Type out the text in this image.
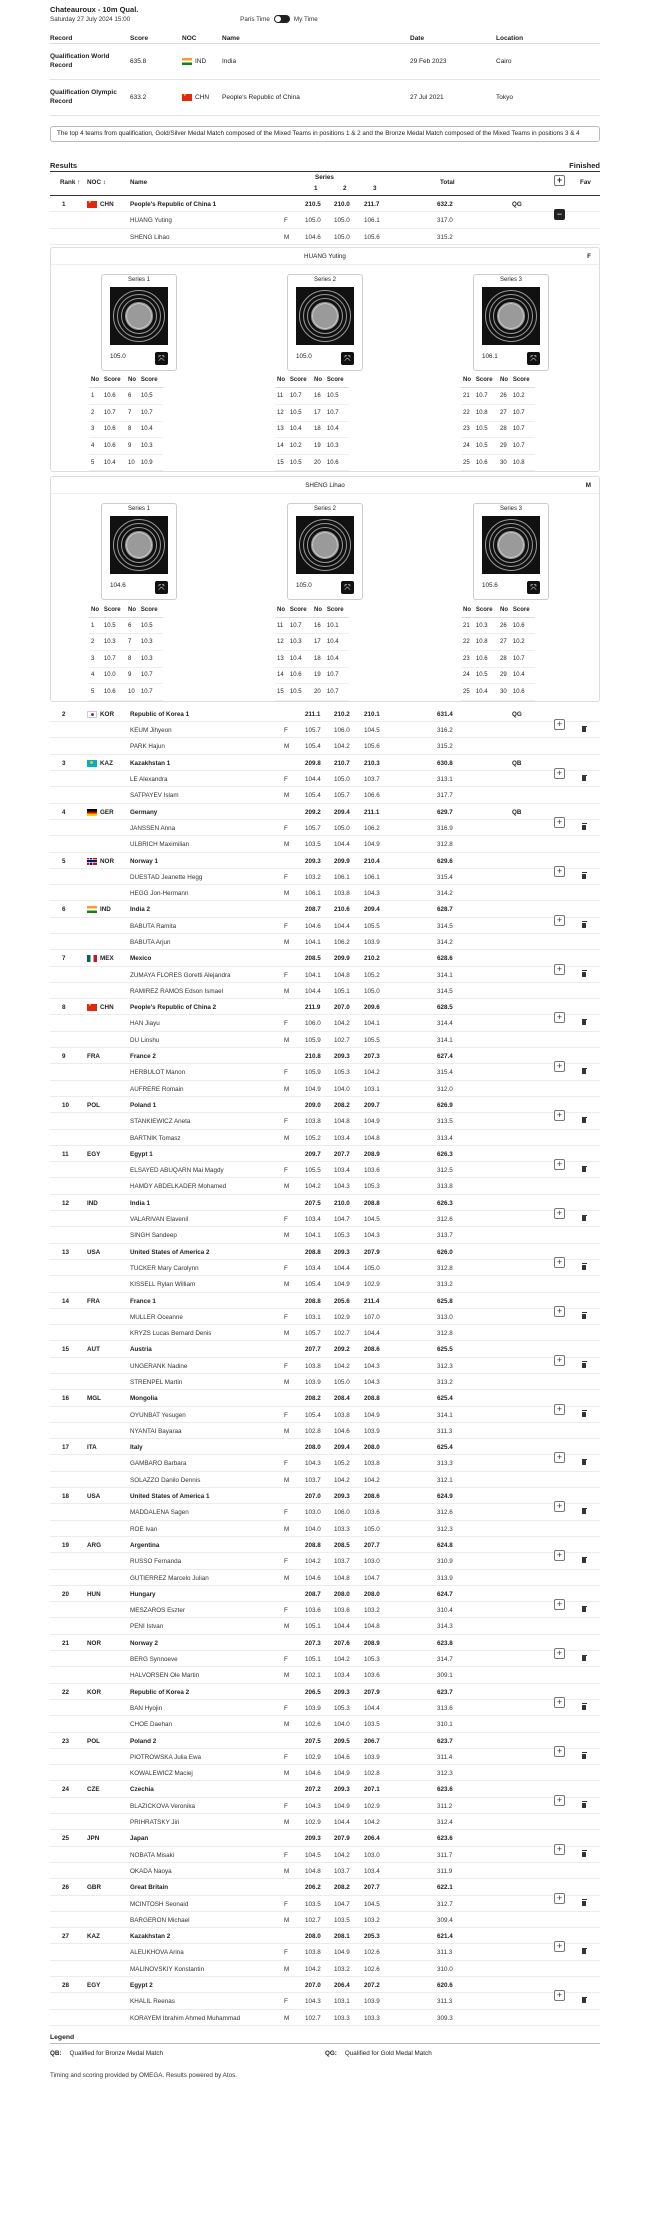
Chateauroux - 10m Qual.
Saturday 27 July 2024 15:00	Paris Time	My Time
Record	Score	NOC	Name	Date	Location
Qualification World Record	635.8	IND	India	29 Feb 2023	Cairo
Qualification Olympic Record	633.2 ★	CHN	People's Republic of China	27 Jul 2021	Tokyo
The top 4 teams from qualification, Gold/Silver Medal Match composed of the Mixed Teams in positions 1 & 2 and the Bronze Medal Match composed of the Mixed Teams in positions 3 & 4
Results	Finished
Rank ↑ NOC ↕	Name
Series
1	2	3
Total	+	Fav
1 ★	CHN	People's Republic of China 1	210.5 210.0 211.7	632.2	QG
HUANG Yuting	F	105.0 105.0 106.1	317.0
−
SHENG Lihao	M	104.6 105.0 105.6	315.2
HUANG Yuting	F
Series 1
105.0	⤧
No	Score	No	Score
1	10.6	6	10.5
2	10.7	7	10.7
3	10.6	8	10.4
4	10.6	9	10.3
5	10.4	10	10.9
Series 2
105.0	⤧
No	Score	No	Score
11	10.7	16	10.5
12	10.5	17	10.7
13	10.4	18	10.4
14	10.2	19	10.3
15	10.5	20	10.6
Series 3
106.1	⤧
No	Score	No	Score
21	10.7	26	10.2
22	10.8	27	10.7
23	10.5	28	10.7
24	10.5	29	10.7
25	10.6	30	10.8
SHENG Lihao	M
Series 1
104.6	⤧
No	Score	No	Score
1	10.5	6	10.5
2	10.3	7	10.3
3	10.7	8	10.3
4	10.0	9	10.7
5	10.6	10	10.7
Series 2
105.0	⤧
No	Score	No	Score
11	10.7	16	10.1
12	10.3	17	10.4
13	10.4	18	10.4
14	10.6	19	10.7
15	10.5	20	10.7
Series 3
105.6	⤧
No	Score	No	Score
21	10.3	26	10.6
22	10.8	27	10.2
23	10.6	28	10.7
24	10.5	29	10.4
25	10.4	30	10.6
2	KOR	Republic of Korea 1	211.1 210.2 210.1	631.4	QG
KEUM Jihyeon	F	105.7 106.0 104.5	316.2
+
PARK Hajun	M	105.4 104.2 105.6	315.2
3	KAZ	Kazakhstan 1	209.8 210.7 210.3	630.8	QB
LE Alexandra	F	104.4 105.0 103.7	313.1
+
SATPAYEV Islam	M	105.4 105.7 106.6	317.7
4	GER	Germany	209.2 209.4 211.1	629.7	QB
JANSSEN Anna	F	105.7 105.0 106.2	316.9
+
ULBRICH Maximilian	M	103.5 104.4 104.9	312.8
5	NOR	Norway 1	209.3 209.9 210.4	629.6
DUESTAD Jeanette Hegg	F	103.2 106.1 106.1	315.4
+
HEGG Jon-Hermann	M	106.1 103.8 104.3	314.2
6	IND	India 2	208.7 210.6 209.4	628.7
BABUTA Ramita	F	104.6 104.4 105.5	314.5
+
BABUTA Arjun	M	104.1 106.2 103.9	314.2
7	MEX	Mexico	208.5 209.9 210.2	628.6
ZUMAYA FLORES Goretti Alejandra	F	104.1 104.8 105.2	314.1
+
RAMIREZ RAMOS Edson Ismael	M	104.4 105.1 105.0	314.5
8 ★	CHN	People's Republic of China 2	211.9 207.0 209.6	628.5
HAN Jiayu	F	106.0 104.2 104.1	314.4
+
DU Linshu	M	105.9 102.7 105.5	314.1
9	FRA	France 2	210.8 209.3 207.3	627.4
HERBULOT Manon	F	105.9 105.3 104.2	315.4
+
AUFRERE Romain	M	104.9 104.0 103.1	312.0
10	POL	Poland 1	209.0 208.2 209.7	626.9
STANKIEWICZ Aneta	F	103.8 104.8 104.9	313.5
+
BARTNIK Tomasz	M	105.2 103.4 104.8	313.4
11	EGY	Egypt 1	209.7 207.7 208.9	626.3
ELSAYED ABUQARN Mai Magdy	F	105.5 103.4 103.6	312.5
+
HAMDY ABDELKADER Mohamed	M	104.2 104.3 105.3	313.8
12	IND	India 1	207.5 210.0 208.8	626.3
VALARIVAN Elavenil	F	103.4 104.7 104.5	312.6
+
SINGH Sandeep	M	104.1 105.3 104.3	313.7
13	USA	United States of America 2	208.8 209.3 207.9	626.0
TUCKER Mary Carolynn	F	103.4 104.4 105.0	312.8
+
KISSELL Rylan William	M	105.4 104.9 102.9	313.2
14	FRA	France 1	208.8 205.6 211.4	625.8
MULLER Oceanne	F	103.1 102.9 107.0	313.0
+
KRYZS Lucas Bernard Denis	M	105.7 102.7 104.4	312.8
15	AUT	Austria	207.7 209.2 208.6	625.5
UNGERANK Nadine	F	103.8 104.2 104.3	312.3
+
STRENPEL Martin	M	103.9 105.0 104.3	313.2
16	MGL	Mongolia	208.2 208.4 208.8	625.4
OYUNBAT Yesugen	F	105.4 103.8 104.9	314.1
+
NYANTAI Bayaraa	M	102.8 104.6 103.9	311.3
17	ITA	Italy	208.0 209.4 208.0	625.4
GAMBARO Barbara	F	104.3 105.2 103.8	313.3
+
SOLAZZO Danilo Dennis	M	103.7 104.2 104.2	312.1
18	USA	United States of America 1	207.0 209.3 208.6	624.9
MADDALENA Sagen	F	103.0 106.0 103.6	312.6
+
ROE Ivan	M	104.0 103.3 105.0	312.3
19	ARG	Argentina	208.8 208.5 207.7	624.8
RUSSO Fernanda	F	104.2 103.7 103.0	310.9
+
GUTIERREZ Marcelo Julian	M	104.6 104.8 104.7	313.9
20	HUN	Hungary	208.7 208.0 208.0	624.7
MESZAROS Eszter	F	103.6 103.6 103.2	310.4
+
PENI Istvan	M	105.1 104.4 104.8	314.3
21	NOR	Norway 2	207.3 207.6 208.9	623.8
BERG Synnoeve	F	105.1 104.2 105.3	314.7
+
HALVORSEN Ole Martin	M	102.1 103.4 103.6	309.1
22	KOR	Republic of Korea 2	206.5 209.3 207.9	623.7
BAN Hyojin	F	103.9 105.3 104.4	313.6
+
CHOE Daehan	M	102.6 104.0 103.5	310.1
23	POL	Poland 2	207.5 209.5 206.7	623.7
PIOTROWSKA Julia Ewa	F	102.9 104.6 103.9	311.4
+
KOWALEWICZ Maciej	M	104.6 104.9 102.8	312.3
24	CZE	Czechia	207.2 209.3 207.1	623.6
BLAZICKOVA Veronika	F	104.3 104.9 102.9	311.2
+
PRIHRATSKY Jiri	M	102.9 104.4 104.2	312.4
25	JPN	Japan	209.3 207.9 206.4	623.6
NOBATA Misaki	F	104.5 104.2 103.0	311.7
+
OKADA Naoya	M	104.8 103.7 103.4	311.9
26	GBR	Great Britain	206.2 208.2 207.7	622.1
MCINTOSH Seonaid	F	103.5 104.7 104.5	312.7
+
BARGERON Michael	M	102.7 103.5 103.2	309.4
27	KAZ	Kazakhstan 2	208.0 208.1 205.3	621.4
ALEUKHOVA Arina	F	103.8 104.9 102.6	311.3
+
MALINOVSKIY Konstantin	M	104.2 103.2 102.6	310.0
28	EGY	Egypt 2	207.0 206.4 207.2	620.6
KHALIL Reenas	F	104.3 103.1 103.9	311.3
+
KORAYEM Ibrahim Ahmed Muhammad	M	102.7 103.3 103.3	309.3
Legend
QB: Qualified for Bronze Medal Match	QG: Qualified for Gold Medal Match
Timing and scoring provided by OMEGA. Results powered by Atos.
